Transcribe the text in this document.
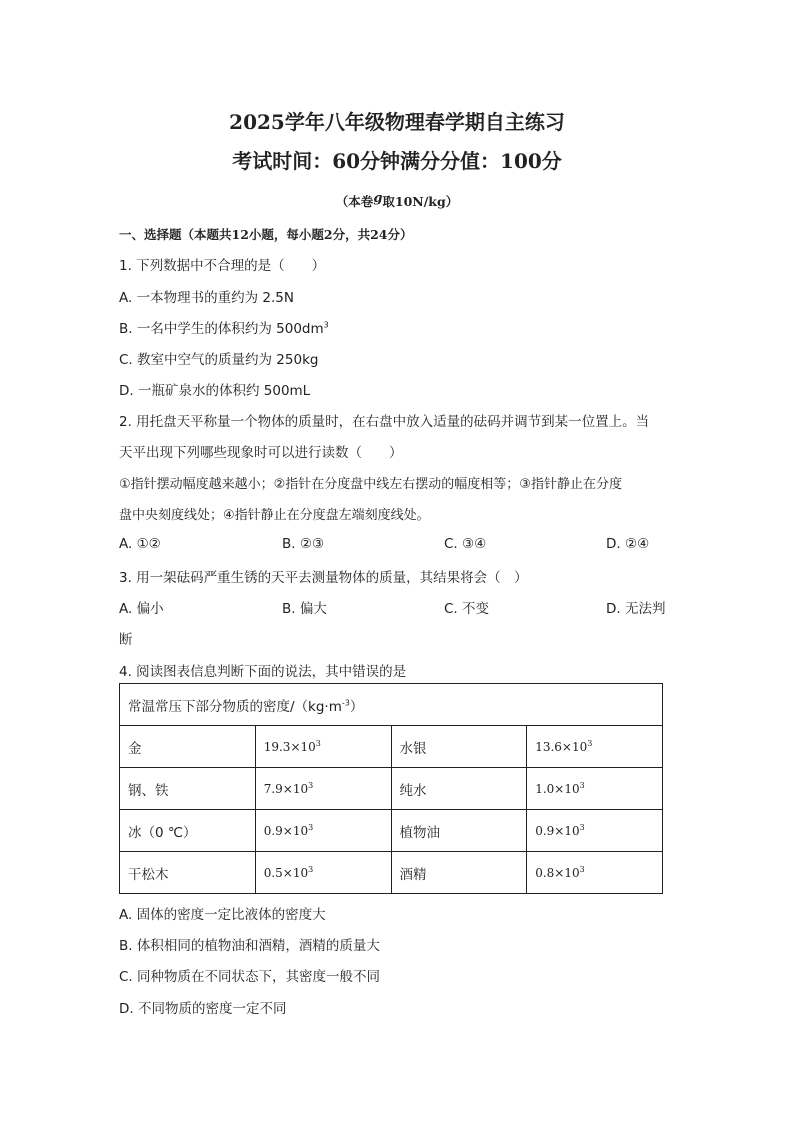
2025学年八年级物理春学期自主练习
考试时间：60分钟满分分值：100分
（本卷g取10N/kg）
一、选择题（本题共12小题，每小题2分，共24分）
1. 下列数据中不合理的是（　　）
A. 一本物理书的重约为 2.5N
B. 一名中学生的体积约为 $500dm^3$
C. 教室中空气的质量约为 250kg
D. 一瓶矿泉水的体积约 500mL
2. 用托盘天平称量一个物体的质量时，在右盘中放入适量的砝码并调节到某一位置上。当
天平出现下列哪些现象时可以进行读数（　　）
①指针摆动幅度越来越小；②指针在分度盘中线左右摆动的幅度相等；③指针静止在分度
盘中央刻度线处；④指针静止在分度盘左端刻度线处。
A. ①②	B. ②③	C. ③④	D. ②④
3. 用一架砝码严重生锈的天平去测量物体的质量，其结果将会（　）
A. 偏小	B. 偏大	C. 不变	D. 无法判
断
4. 阅读图表信息判断下面的说法，其中错误的是
常温常压下部分物质的密度$/(kg\cdot m^{-3})$			
金	$19.3\times 10^3$	水银	$13.6\times 10^3$
钢、铁	$7.9\times 10^3$	纯水	$1.0\times 10^3$
冰（0 ℃）	$0.9\times 10^3$	植物油	$0.9\times 10^3$
干松木	$0.5\times 10^3$	酒精	$0.8\times 10^3$
A. 固体的密度一定比液体的密度大
B. 体积相同的植物油和酒精，酒精的质量大
C. 同种物质在不同状态下，其密度一般不同
D. 不同物质的密度一定不同
